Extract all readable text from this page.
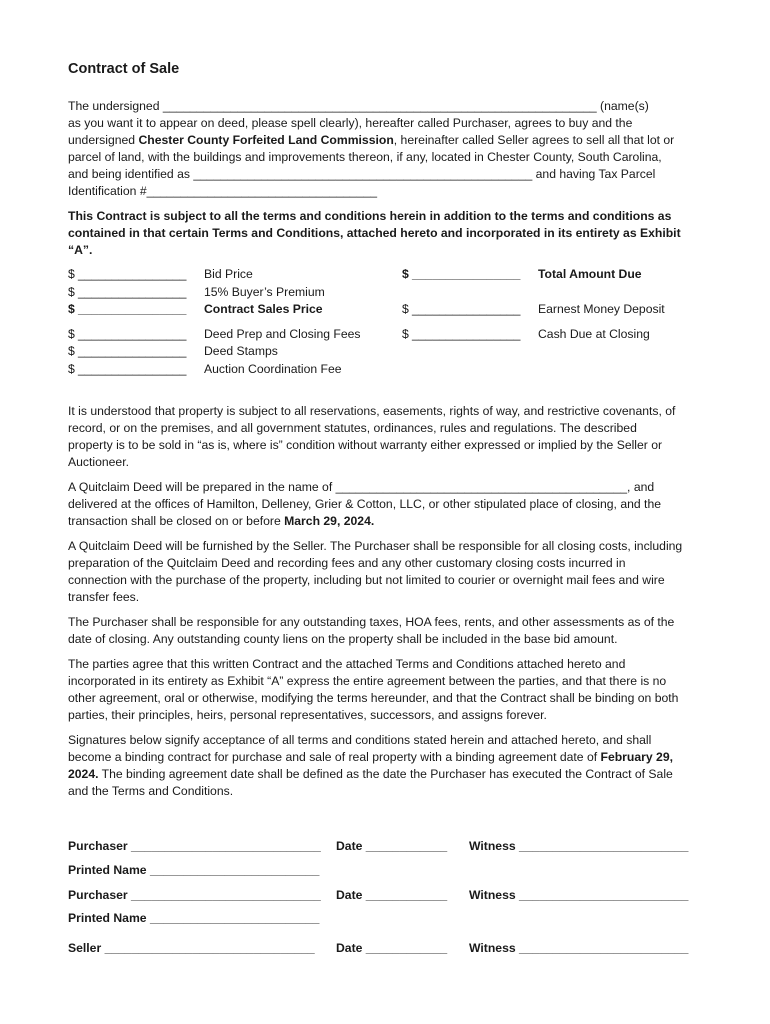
Contract of Sale
The undersigned ________________________________________________________________ (name(s)
as you want it to appear on deed, please spell clearly), hereafter called Purchaser, agrees to buy and the
undersigned Chester County Forfeited Land Commission, hereinafter called Seller agrees to sell all that lot or
parcel of land, with the buildings and improvements thereon, if any, located in Chester County, South Carolina,
and being identified as __________________________________________________ and having Tax Parcel
Identification #__________________________________
This Contract is subject to all the terms and conditions herein in addition to the terms and conditions as
contained in that certain Terms and Conditions, attached hereto and incorporated in its entirety as Exhibit
“A”.
$ ________________ Bid Price
$ ________________ 15% Buyer’s Premium
$ ________________ Contract Sales Price
$ ________________ Deed Prep and Closing Fees
$ ________________ Deed Stamps
$ ________________ Auction Coordination Fee
$ ________________ Total Amount Due
$ ________________ Earnest Money Deposit
$ ________________ Cash Due at Closing
It is understood that property is subject to all reservations, easements, rights of way, and restrictive covenants, of
record, or on the premises, and all government statutes, ordinances, rules and regulations. The described
property is to be sold in “as is, where is” condition without warranty either expressed or implied by the Seller or
Auctioneer.
A Quitclaim Deed will be prepared in the name of ___________________________________________, and
delivered at the offices of Hamilton, Delleney, Grier & Cotton, LLC, or other stipulated place of closing, and the
transaction shall be closed on or before March 29, 2024.
A Quitclaim Deed will be furnished by the Seller. The Purchaser shall be responsible for all closing costs, including
preparation of the Quitclaim Deed and recording fees and any other customary closing costs incurred in
connection with the purchase of the property, including but not limited to courier or overnight mail fees and wire
transfer fees.
The Purchaser shall be responsible for any outstanding taxes, HOA fees, rents, and other assessments as of the
date of closing. Any outstanding county liens on the property shall be included in the base bid amount.
The parties agree that this written Contract and the attached Terms and Conditions attached hereto and
incorporated in its entirety as Exhibit “A” express the entire agreement between the parties, and that there is no
other agreement, oral or otherwise, modifying the terms hereunder, and that the Contract shall be binding on both
parties, their principles, heirs, personal representatives, successors, and assigns forever.
Signatures below signify acceptance of all terms and conditions stated herein and attached hereto, and shall
become a binding contract for purchase and sale of real property with a binding agreement date of February 29,
2024. The binding agreement date shall be defined as the date the Purchaser has executed the Contract of Sale
and the Terms and Conditions.
Purchaser ____________________________ Date ____________ Witness _________________________
Printed Name _________________________
Purchaser ____________________________ Date ____________ Witness _________________________
Printed Name _________________________
Seller _______________________________ Date ____________ Witness _________________________
